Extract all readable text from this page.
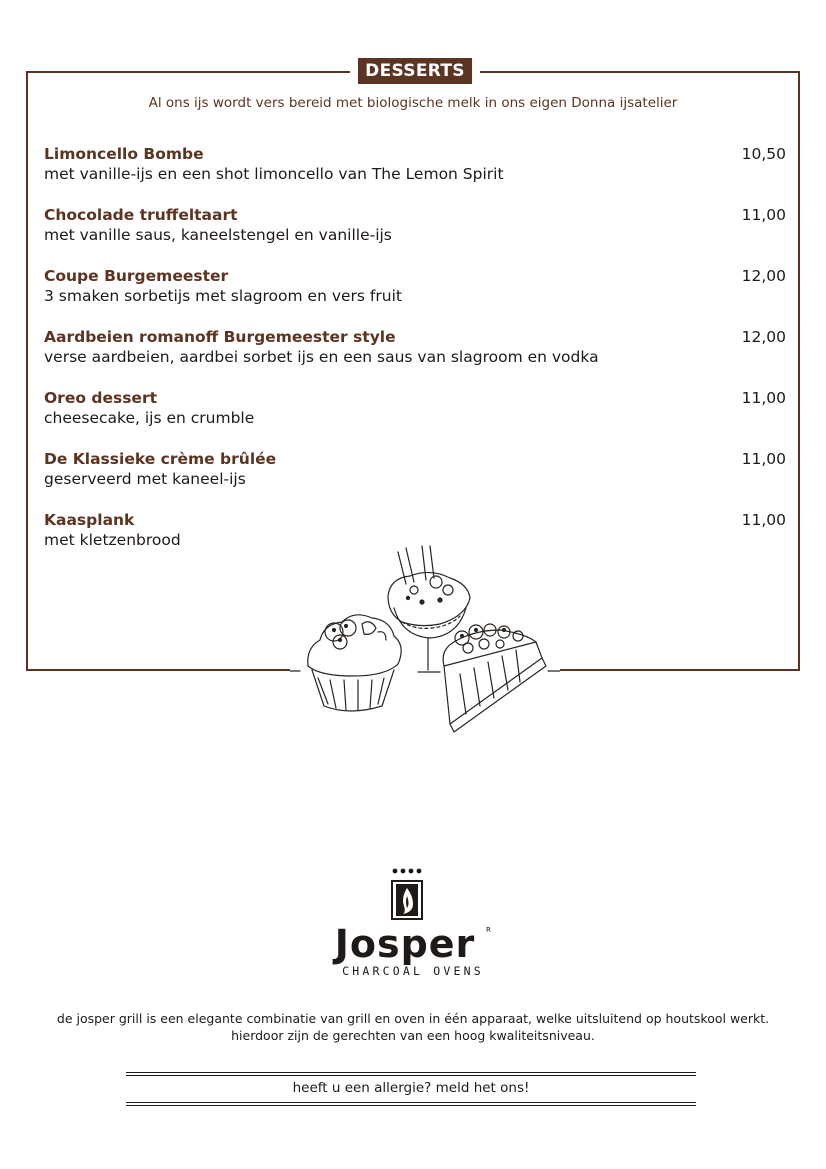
DESSERTS
Al ons ijs wordt vers bereid met biologische melk in ons eigen Donna ijsatelier
Limoncello Bombe
met vanille-ijs en een shot limoncello van The Lemon Spirit
10,50
Chocolade truffeltaart
met vanille saus, kaneelstengel en vanille-ijs
11,00
Coupe Burgemeester
3 smaken sorbetijs met slagroom en vers fruit
12,00
Aardbeien romanoff Burgemeester style
verse aardbeien, aardbei sorbet ijs en een saus van slagroom en vodka
12,00
Oreo dessert
cheesecake, ijs en crumble
11,00
De Klassieke crème brûlée
geserveerd met kaneel-ijs
11,00
Kaasplank
met kletzenbrood
11,00
Josper	R
CHARCOAL OVENS
de josper grill is een elegante combinatie van grill en oven in één apparaat, welke uitsluitend op houtskool werkt.
hierdoor zijn de gerechten van een hoog kwaliteitsniveau.
heeft u een allergie? meld het ons!
